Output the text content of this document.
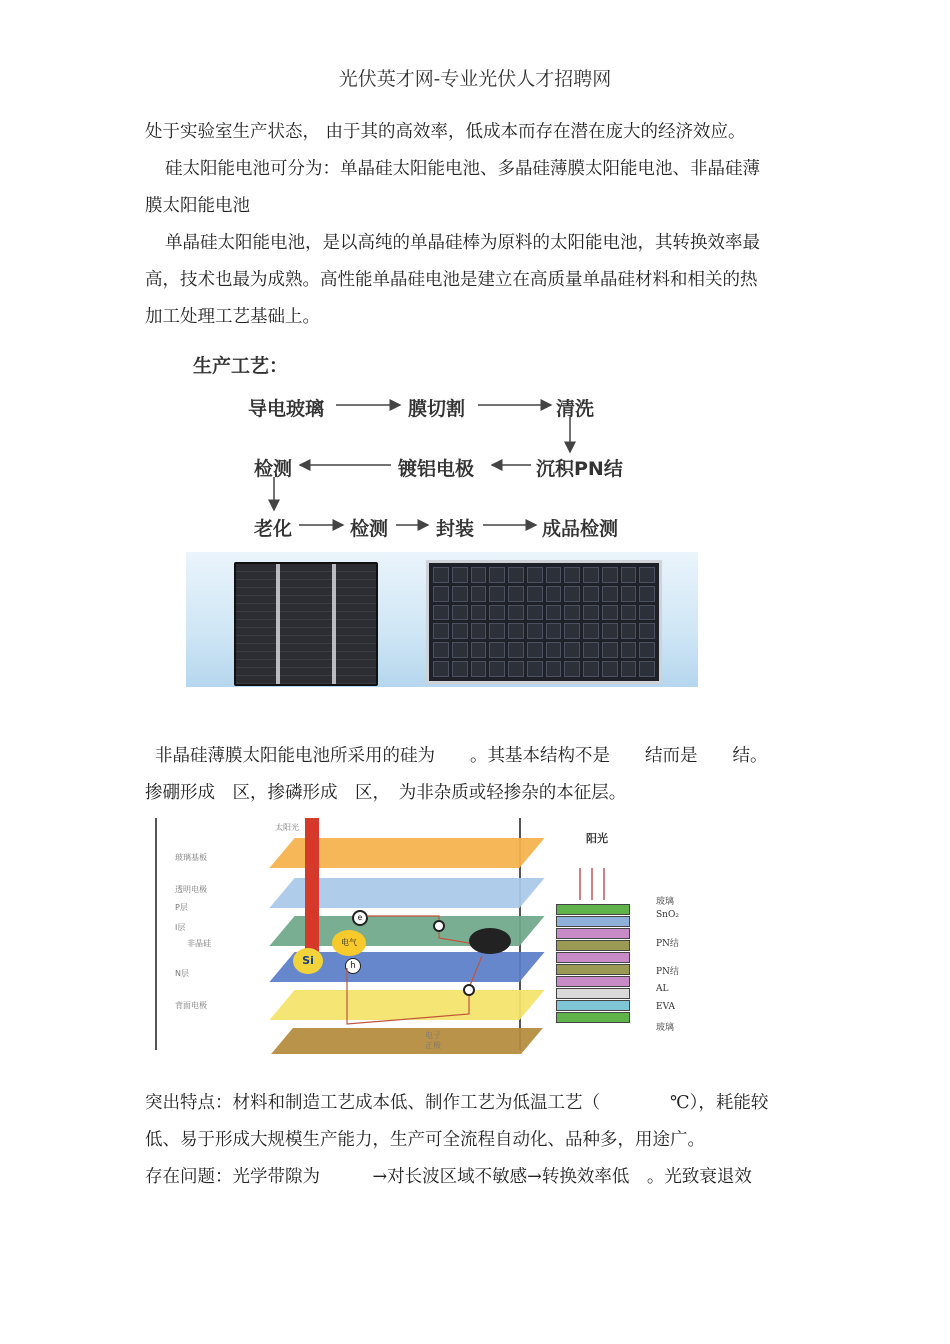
光伏英才网-专业光伏人才招聘网

处于实验室生产状态， 由于其的高效率，低成本而存在潜在庞大的经济效应。

硅太阳能电池可分为：单晶硅太阳能电池、多晶硅薄膜太阳能电池、非晶硅薄

膜太阳能电池

单晶硅太阳能电池，是以高纯的单晶硅棒为原料的太阳能电池，其转换效率最

高，技术也最为成熟。高性能单晶硅电池是建立在高质量单晶硅材料和相关的热

加工处理工艺基础上。

生产工艺：
导电玻璃	膜切割	清洗
沉积PN结
镀铝电极
检测
老化	检测	封装	成品检测

非晶硅薄膜太阳能电池所采用的硅为　　。其基本结构不是　　结而是　　结。

掺硼形成　区，掺磷形成　区，　为非杂质或轻掺杂的本征层。

太阳光
玻璃基板
透明电极
P层
I层
非晶硅
N层
背面电极
电气
Si	h
e
电子
正极
阳光
玻璃
SnO₂
PN结
PN结
AL
EVA
玻璃

突出特点：材料和制造工艺成本低、制作工艺为低温工艺（　　　　℃），耗能较

低、易于形成大规模生产能力，生产可全流程自动化、品种多，用途广。

存在问题：光学带隙为　　　→对长波区域不敏感→转换效率低　。光致衰退效
